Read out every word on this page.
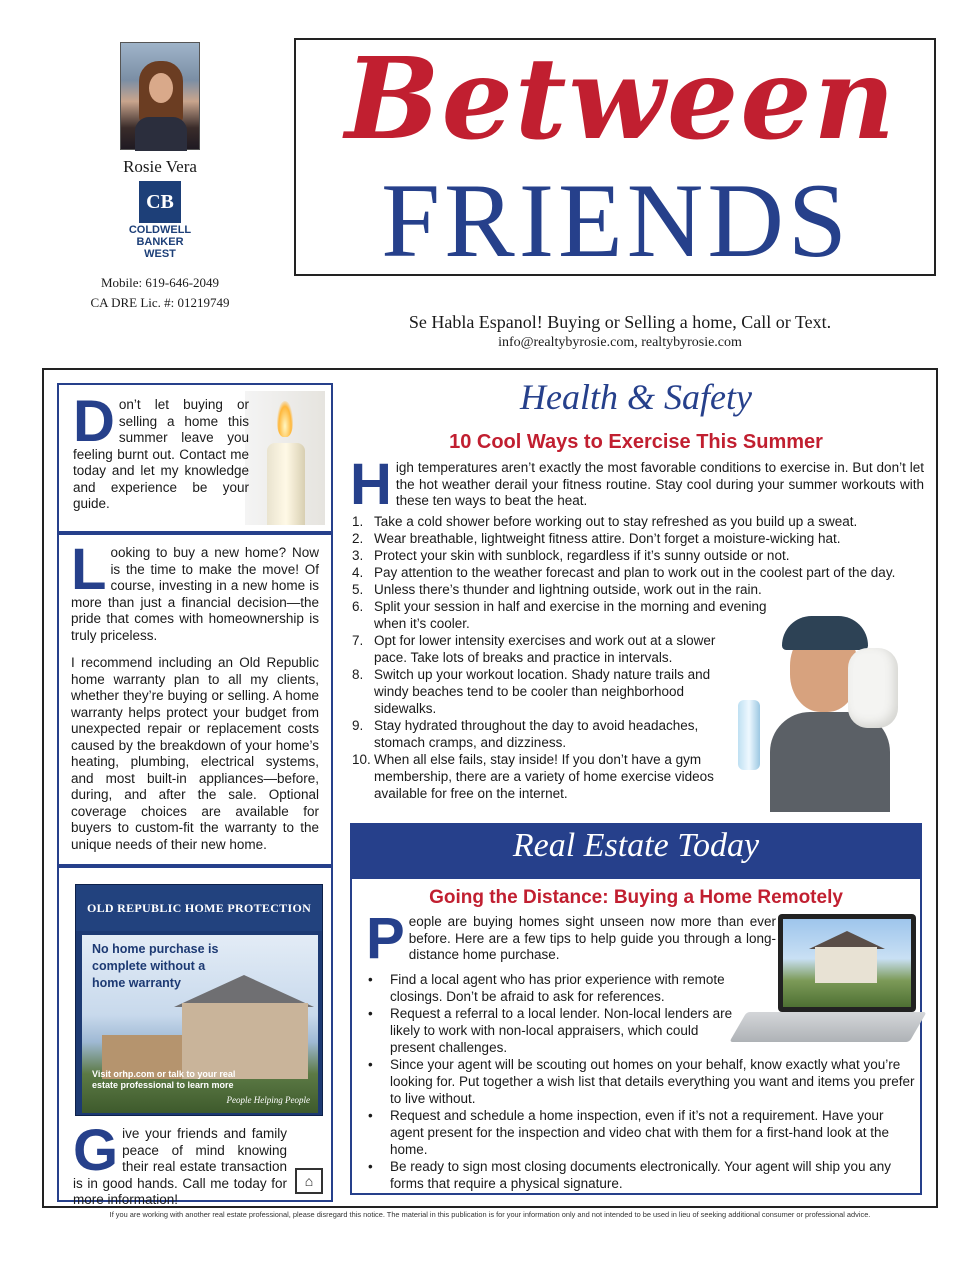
Rosie Vera
CB
COLDWELL
BANKER
WEST
Mobile: 619-646-2049
CA DRE Lic. #: 01219749
Between
FRIENDS
Se Habla Espanol! Buying or Selling a home, Call or Text.
info@realtybyrosie.com, realtybyrosie.com
Don’t let buying or selling a home this summer leave you feeling burnt out. Contact me today and let my knowledge and experience be your guide.

Looking to buy a new home? Now is the time to make the move! Of course, investing in a new home is more than just a financial decision—the pride that comes with homeownership is truly priceless.

I recommend including an Old Republic home warranty plan to all my clients, whether they’re buying or selling. A home warranty helps protect your budget from unexpected repair or replacement costs caused by the breakdown of your home’s heating, plumbing, electrical systems, and most built-in appliances—before, during, and after the sale. Optional coverage choices are available for buyers to custom-fit the warranty to the unique needs of their new home.

OLD REPUBLIC HOME PROTECTION
No home purchase is complete without a home warranty
Visit orhp.com or talk to your real estate professional to learn more
People Helping People
Give your friends and family peace of mind knowing their real estate transaction is in good hands. Call me today for more information!
⌂
Health & Safety
10 Cool Ways to Exercise This Summer
High temperatures aren’t exactly the most favorable conditions to exercise in. But don’t let the hot weather derail your fitness routine. Stay cool during your summer workouts with these ten ways to beat the heat.
1. Take a cold shower before working out to stay refreshed as you build up a sweat.
2. Wear breathable, lightweight fitness attire. Don’t forget a moisture-wicking hat.
3. Protect your skin with sunblock, regardless if it’s sunny outside or not.
4. Pay attention to the weather forecast and plan to work out in the coolest part of the day.
5. Unless there’s thunder and lightning outside, work out in the rain.
6. Split your session in half and exercise in the morning and evening when it’s cooler.
7. Opt for lower intensity exercises and work out at a slower pace. Take lots of breaks and practice in intervals.
8. Switch up your workout location. Shady nature trails and windy beaches tend to be cooler than neighborhood sidewalks.
9. Stay hydrated throughout the day to avoid headaches, stomach cramps, and dizziness.
10. When all else fails, stay inside! If you don’t have a gym membership, there are a variety of home exercise videos available for free on the internet.
Real Estate Today
Going the Distance: Buying a Home Remotely
People are buying homes sight unseen now more than ever before. Here are a few tips to help guide you through a long-distance home purchase.
• Find a local agent who has prior experience with remote closings. Don’t be afraid to ask for references.
• Request a referral to a local lender. Non-local lenders are likely to work with non-local appraisers, which could present challenges.
• Since your agent will be scouting out homes on your behalf, know exactly what you’re looking for. Put together a wish list that details everything you want and items you prefer to live without.
• Request and schedule a home inspection, even if it’s not a requirement. Have your agent present for the inspection and video chat with them for a first-hand look at the home.
• Be ready to sign most closing documents electronically. Your agent will ship you any forms that require a physical signature.
If you are working with another real estate professional, please disregard this notice. The material in this publication is for your information only and not intended to be used in lieu of seeking additional consumer or professional advice.
